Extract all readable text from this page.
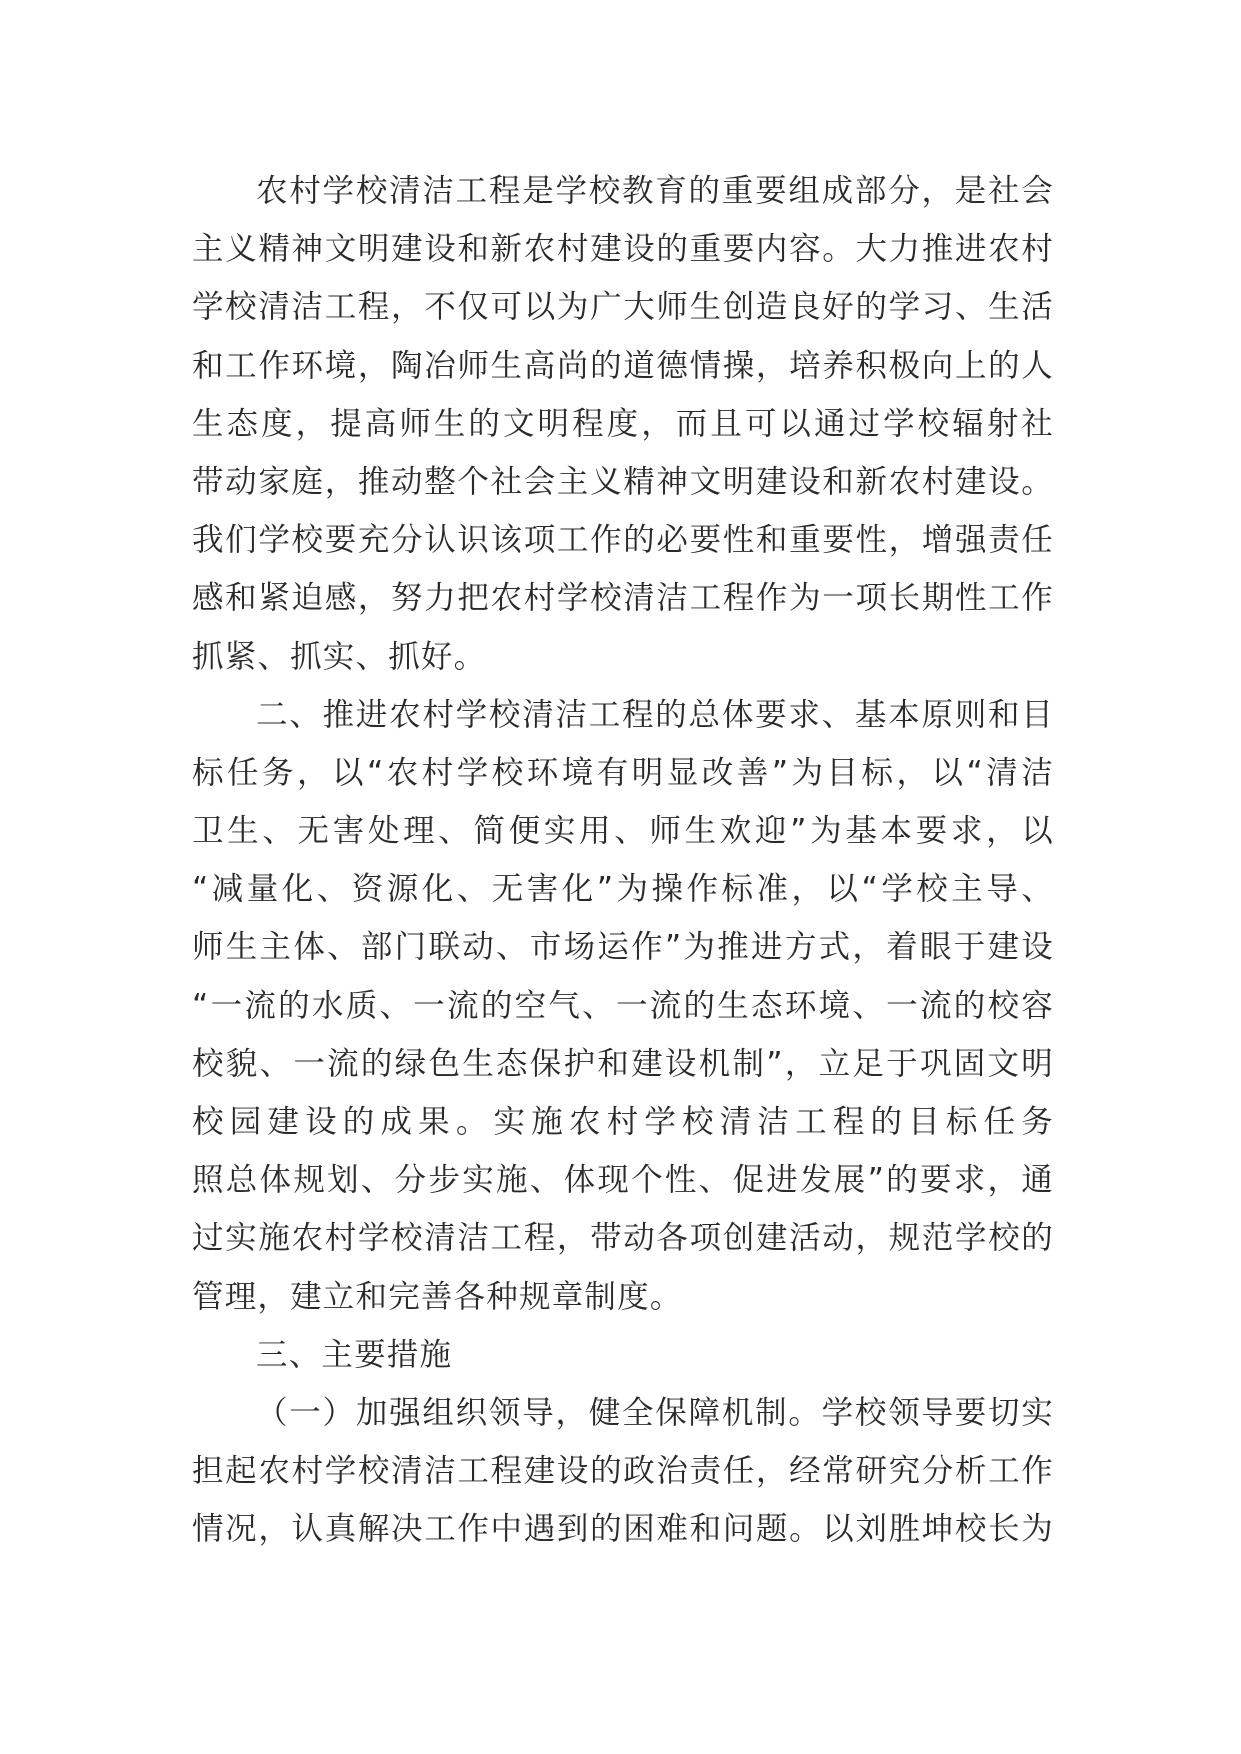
农村学校清洁工程是学校教育的重要组成部分，是社会
主义精神文明建设和新农村建设的重要内容。大力推进农村
学校清洁工程，不仅可以为广大师生创造良好的学习、生活
和工作环境，陶冶师生高尚的道德情操，培养积极向上的人
生态度，提高师生的文明程度，而且可以通过学校辐射社
带动家庭，推动整个社会主义精神文明建设和新农村建设。
我们学校要充分认识该项工作的必要性和重要性，增强责任
感和紧迫感，努力把农村学校清洁工程作为一项长期性工作
抓紧、抓实、抓好。
二、推进农村学校清洁工程的总体要求、基本原则和目
标任务，以“农村学校环境有明显改善”为目标，以“清洁
卫生、无害处理、简便实用、师生欢迎”为基本要求，以
“减量化、资源化、无害化”为操作标准，以“学校主导、
师生主体、部门联动、市场运作”为推进方式，着眼于建设
“一流的水质、一流的空气、一流的生态环境、一流的校容
校貌、一流的绿色生态保护和建设机制”，立足于巩固文明
校园建设的成果。实施农村学校清洁工程的目标任务
照总体规划、分步实施、体现个性、促进发展”的要求，通
过实施农村学校清洁工程，带动各项创建活动，规范学校的
管理，建立和完善各种规章制度。
三、主要措施
（一）加强组织领导，健全保障机制。学校领导要切实
担起农村学校清洁工程建设的政治责任，经常研究分析工作
情况，认真解决工作中遇到的困难和问题。以刘胜坤校长为
